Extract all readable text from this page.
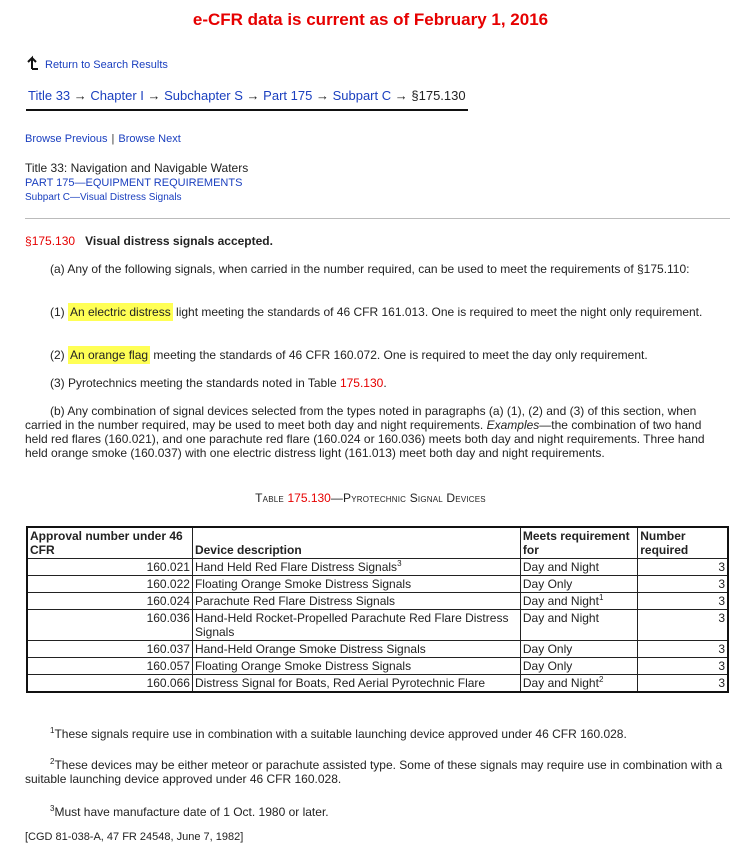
e-CFR data is current as of February 1, 2016
Return to Search Results
Title 33 → Chapter I → Subchapter S → Part 175 → Subpart C → §175.130
Browse Previous | Browse Next
Title 33: Navigation and Navigable Waters
PART 175—EQUIPMENT REQUIREMENTS
Subpart C—Visual Distress Signals
§175.130 Visual distress signals accepted.
(a) Any of the following signals, when carried in the number required, can be used to meet the requirements of §175.110:
(1) An electric distress light meeting the standards of 46 CFR 161.013. One is required to meet the night only requirement.
(2) An orange flag meeting the standards of 46 CFR 160.072. One is required to meet the day only requirement.
(3) Pyrotechnics meeting the standards noted in Table 175.130.
(b) Any combination of signal devices selected from the types noted in paragraphs (a) (1), (2) and (3) of this section, when carried in the number required, may be used to meet both day and night requirements. Examples—the combination of two hand held red flares (160.021), and one parachute red flare (160.024 or 160.036) meets both day and night requirements. Three hand held orange smoke (160.037) with one electric distress light (161.013) meet both day and night requirements.
Table 175.130—Pyrotechnic Signal Devices
Approval number under 46 CFR	Device description	Meets requirement for	Number required
160.021	Hand Held Red Flare Distress Signals$^3$	Day and Night	3
160.022	Floating Orange Smoke Distress Signals	Day Only	3
160.024	Parachute Red Flare Distress Signals	Day and Night$^1$	3
160.036	Hand-Held Rocket-Propelled Parachute Red Flare Distress Signals	Day and Night	3
160.037	Hand-Held Orange Smoke Distress Signals	Day Only	3
160.057	Floating Orange Smoke Distress Signals	Day Only	3
160.066	Distress Signal for Boats, Red Aerial Pyrotechnic Flare	Day and Night$^2$	3
$^1$These signals require use in combination with a suitable launching device approved under 46 CFR 160.028.
$^2$These devices may be either meteor or parachute assisted type. Some of these signals may require use in combination with a suitable launching device approved under 46 CFR 160.028.
$^3$Must have manufacture date of 1 Oct. 1980 or later.
[CGD 81-038-A, 47 FR 24548, June 7, 1982]
